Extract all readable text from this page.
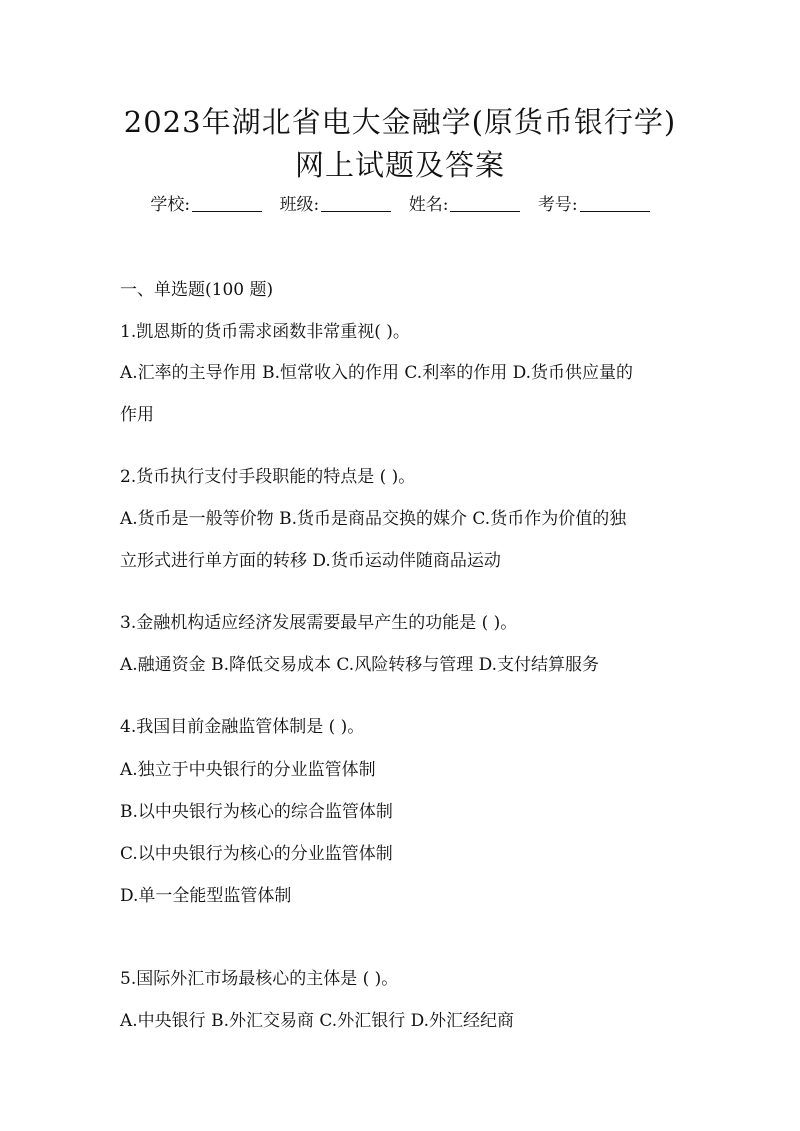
2023年湖北省电大金融学(原货币银行学)
网上试题及答案
学校:	班级:	姓名:	考号:
一、单选题(100 题)
1.凯恩斯的货币需求函数非常重视( )。
A.汇率的主导作用 B.恒常收入的作用 C.利率的作用 D.货币供应量的
作用
2.货币执行支付手段职能的特点是 ( )。
A.货币是一般等价物 B.货币是商品交换的媒介 C.货币作为价值的独
立形式进行单方面的转移 D.货币运动伴随商品运动
3.金融机构适应经济发展需要最早产生的功能是 ( )。
A.融通资金 B.降低交易成本 C.风险转移与管理 D.支付结算服务
4.我国目前金融监管体制是 ( )。
A.独立于中央银行的分业监管体制
B.以中央银行为核心的综合监管体制
C.以中央银行为核心的分业监管体制
D.单一全能型监管体制
5.国际外汇市场最核心的主体是 ( )。
A.中央银行 B.外汇交易商 C.外汇银行 D.外汇经纪商
